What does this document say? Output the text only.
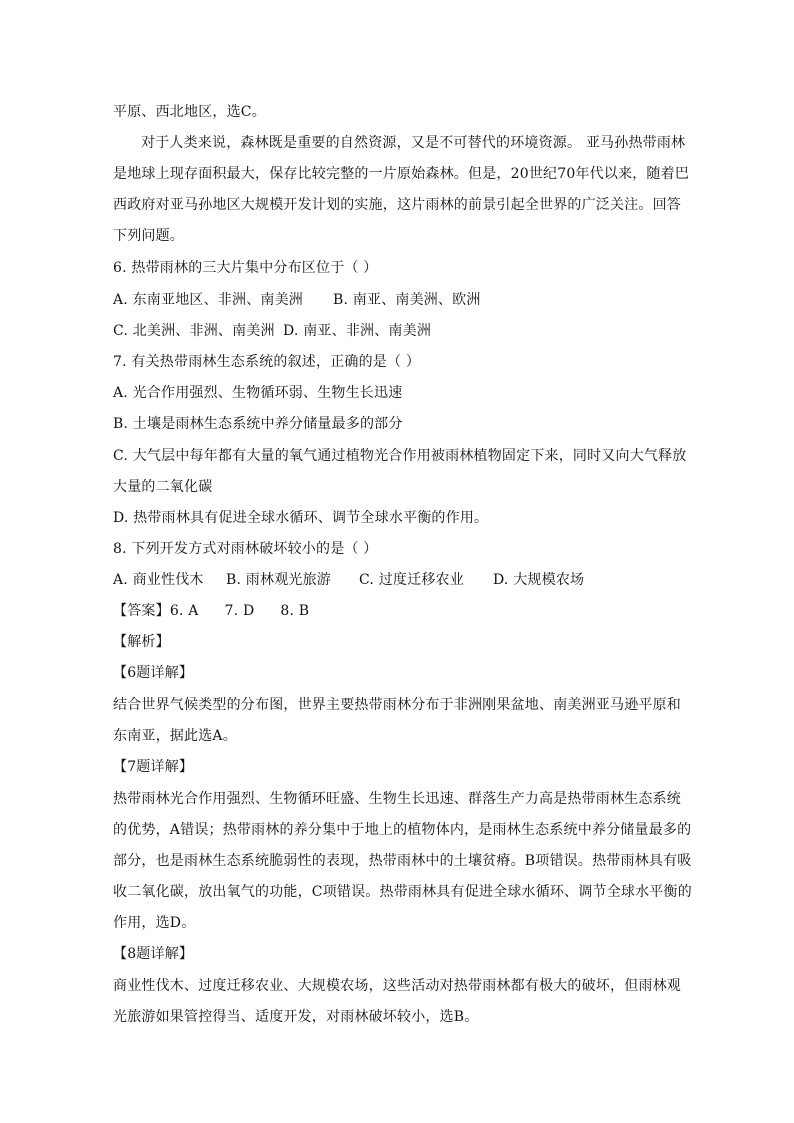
平原、西北地区，选C。
对于人类来说，森林既是重要的自然资源，又是不可替代的环境资源。 亚马孙热带雨林
是地球上现存面积最大，保存比较完整的一片原始森林。但是，20世纪70年代以来，随着巴
西政府对亚马孙地区大规模开发计划的实施，这片雨林的前景引起全世界的广泛关注。回答
下列问题。
6. 热带雨林的三大片集中分布区位于（ ）
A. 东南亚地区、非洲、南美洲 B. 南亚、南美洲、欧洲
C. 北美洲、非洲、南美洲 D. 南亚、非洲、南美洲
7. 有关热带雨林生态系统的叙述，正确的是（ ）
A. 光合作用强烈、生物循环弱、生物生长迅速
B. 土壤是雨林生态系统中养分储量最多的部分
C. 大气层中每年都有大量的氧气通过植物光合作用被雨林植物固定下来，同时又向大气释放
大量的二氧化碳
D. 热带雨林具有促进全球水循环、调节全球水平衡的作用。
8. 下列开发方式对雨林破坏较小的是（ ）
A. 商业性伐木 B. 雨林观光旅游 C. 过度迁移农业 D. 大规模农场
【答案】6. A 7. D 8. B
【解析】
【6题详解】
结合世界气候类型的分布图，世界主要热带雨林分布于非洲刚果盆地、南美洲亚马逊平原和
东南亚，据此选A。
【7题详解】
热带雨林光合作用强烈、生物循环旺盛、生物生长迅速、群落生产力高是热带雨林生态系统
的优势，A错误；热带雨林的养分集中于地上的植物体内，是雨林生态系统中养分储量最多的
部分，也是雨林生态系统脆弱性的表现，热带雨林中的土壤贫瘠。B项错误。热带雨林具有吸
收二氧化碳，放出氧气的功能，C项错误。热带雨林具有促进全球水循环、调节全球水平衡的
作用，选D。
【8题详解】
商业性伐木、过度迁移农业、大规模农场，这些活动对热带雨林都有极大的破坏，但雨林观
光旅游如果管控得当、适度开发，对雨林破坏较小，选B。
